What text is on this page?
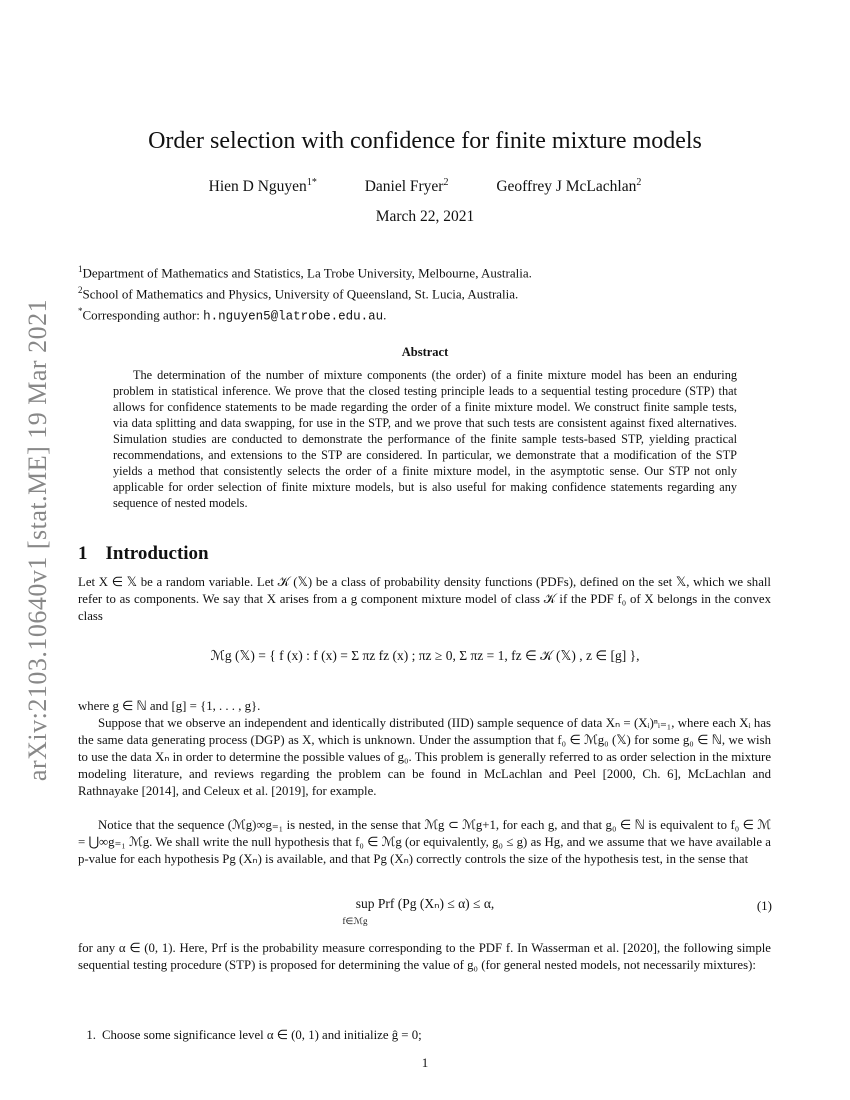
arXiv:2103.10640v1 [stat.ME] 19 Mar 2021
Order selection with confidence for finite mixture models
Hien D Nguyen$^{1*}$	Daniel Fryer$^2$	Geoffrey J McLachlan$^2$
March 22, 2021
$^1$Department of Mathematics and Statistics, La Trobe University, Melbourne, Australia.
$^2$School of Mathematics and Physics, University of Queensland, St. Lucia, Australia.
*Corresponding author: h.nguyen5@latrobe.edu.au.
Abstract

The determination of the number of mixture components (the order) of a finite mixture model has been an enduring problem in statistical inference. We prove that the closed testing principle leads to a sequential testing procedure (STP) that allows for confidence statements to be made regarding the order of a finite mixture model. We construct finite sample tests, via data splitting and data swapping, for use in the STP, and we prove that such tests are consistent against fixed alternatives. Simulation studies are conducted to demonstrate the performance of the finite sample tests-based STP, yielding practical recommendations, and extensions to the STP are considered. In particular, we demonstrate that a modification of the STP yields a method that consistently selects the order of a finite mixture model, in the asymptotic sense. Our STP not only applicable for order selection of finite mixture models, but is also useful for making confidence statements regarding any sequence of nested models.

1 Introduction

Let X ∈ 𝕏 be a random variable. Let 𝒦 (𝕏) be a class of probability density functions (PDFs), defined on the set 𝕏, which we shall refer to as components. We say that X arises from a g component mixture model of class 𝒦 if the PDF f₀ of X belongs in the convex class

ℳg (𝕏) = { f (x) : f (x) = Σ πz fz (x) ; πz ≥ 0, Σ πz = 1, fz ∈ 𝒦 (𝕏) , z ∈ [g] },

where g ∈ ℕ and [g] = {1, . . . , g}.

Suppose that we observe an independent and identically distributed (IID) sample sequence of data Xₙ = (Xᵢ)ⁿᵢ₌₁, where each Xᵢ has the same data generating process (DGP) as X, which is unknown. Under the assumption that f₀ ∈ ℳg₀ (𝕏) for some g₀ ∈ ℕ, we wish to use the data Xₙ in order to determine the possible values of g₀. This problem is generally referred to as order selection in the mixture modeling literature, and reviews regarding the problem can be found in McLachlan and Peel [2000, Ch. 6], McLachlan and Rathnayake [2014], and Celeux et al. [2019], for example.

Notice that the sequence (ℳg)∞g₌₁ is nested, in the sense that ℳg ⊂ ℳg+1, for each g, and that g₀ ∈ ℕ is equivalent to f₀ ∈ ℳ = ⋃∞g₌₁ ℳg. We shall write the null hypothesis that f₀ ∈ ℳg (or equivalently, g₀ ≤ g) as Hg, and we assume that we have available a p-value for each hypothesis Pg (Xₙ) is available, and that Pg (Xₙ) correctly controls the size of the hypothesis test, in the sense that

sup Prf (Pg (Xₙ) ≤ α) ≤ α,
f∈ℳg
(1)

for any α ∈ (0, 1). Here, Prf is the probability measure corresponding to the PDF f. In Wasserman et al. [2020], the following simple sequential testing procedure (STP) is proposed for determining the value of g₀ (for general nested models, not necessarily mixtures):

1. Choose some significance level α ∈ (0, 1) and initialize ĝ = 0;
1
